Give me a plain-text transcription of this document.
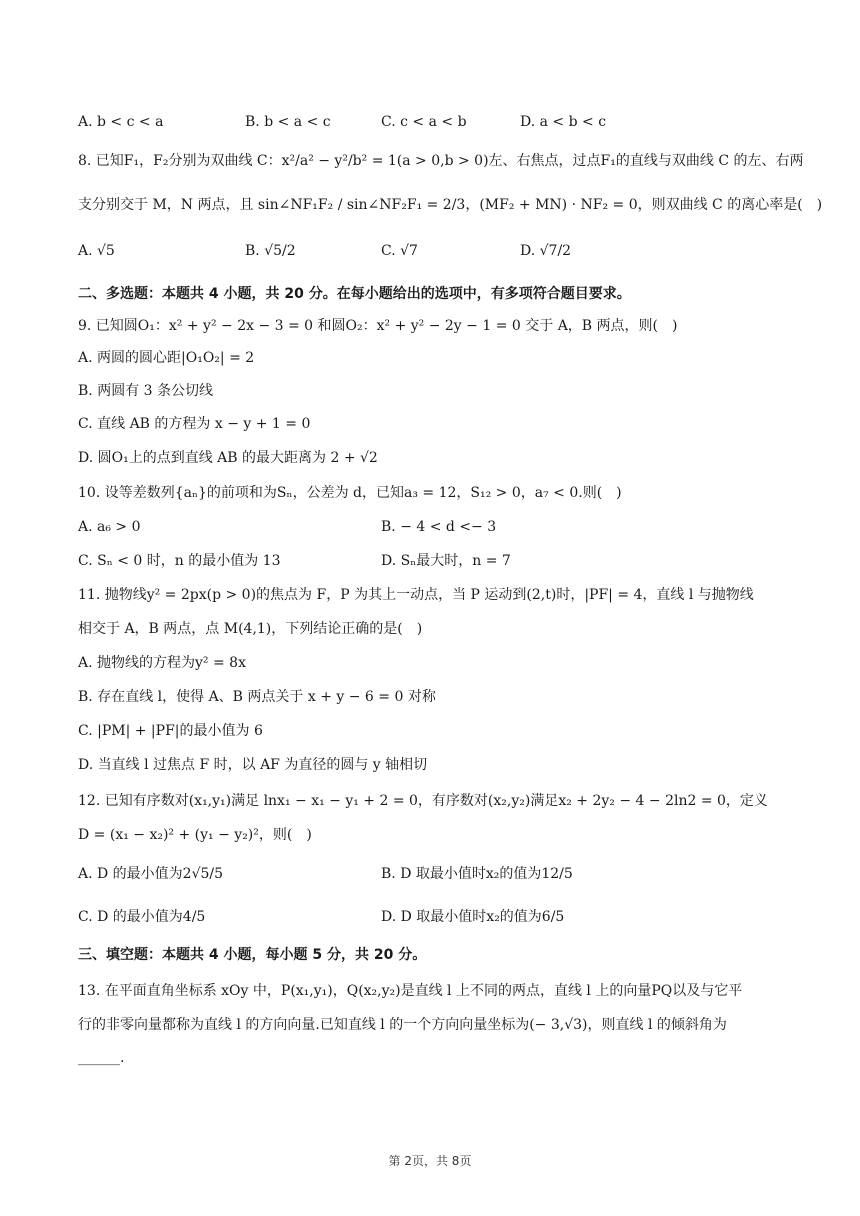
A. b < c < a	B. b < a < c	C. c < a < b	D. a < b < c
8. 已知F₁，F₂分别为双曲线 C：x²/a² − y²/b² = 1(a > 0,b > 0)左、右焦点，过点F₁的直线与双曲线 C 的左、右两
支分别交于 M，N 两点，且 sin∠NF₁F₂ / sin∠NF₂F₁ = 2/3，(MF₂ + MN) · NF₂ = 0，则双曲线 C 的离心率是(　)
A. √5	B. √5/2	C. √7	D. √7/2
二、多选题：本题共 4 小题，共 20 分。在每小题给出的选项中，有多项符合题目要求。
9. 已知圆O₁：x² + y² − 2x − 3 = 0 和圆O₂：x² + y² − 2y − 1 = 0 交于 A，B 两点，则(　)
A. 两圆的圆心距|O₁O₂| = 2
B. 两圆有 3 条公切线
C. 直线 AB 的方程为 x − y + 1 = 0
D. 圆O₁上的点到直线 AB 的最大距离为 2 + √2
10. 设等差数列{aₙ}的前项和为Sₙ，公差为 d，已知a₃ = 12，S₁₂ > 0，a₇ < 0.则(　)
A. a₆ > 0	B. − 4 < d <− 3
C. Sₙ < 0 时，n 的最小值为 13	D. Sₙ最大时，n = 7
11. 抛物线y² = 2px(p > 0)的焦点为 F，P 为其上一动点，当 P 运动到(2,t)时，|PF| = 4，直线 l 与抛物线
相交于 A，B 两点，点 M(4,1)，下列结论正确的是(　)
A. 抛物线的方程为y² = 8x
B. 存在直线 l，使得 A、B 两点关于 x + y − 6 = 0 对称
C. |PM| + |PF|的最小值为 6
D. 当直线 l 过焦点 F 时，以 AF 为直径的圆与 y 轴相切
12. 已知有序数对(x₁,y₁)满足 lnx₁ − x₁ − y₁ + 2 = 0，有序数对(x₂,y₂)满足x₂ + 2y₂ − 4 − 2ln2 = 0，定义
D = (x₁ − x₂)² + (y₁ − y₂)²，则(　)
A. D 的最小值为2√5/5	B. D 取最小值时x₂的值为12/5
C. D 的最小值为4/5	D. D 取最小值时x₂的值为6/5
三、填空题：本题共 4 小题，每小题 5 分，共 20 分。
13. 在平面直角坐标系 xOy 中，P(x₁,y₁)，Q(x₂,y₂)是直线 l 上不同的两点，直线 l 上的向量PQ以及与它平
行的非零向量都称为直线 l 的方向向量.已知直线 l 的一个方向向量坐标为(− 3,√3)，则直线 l 的倾斜角为
______.
第 2页，共 8页
